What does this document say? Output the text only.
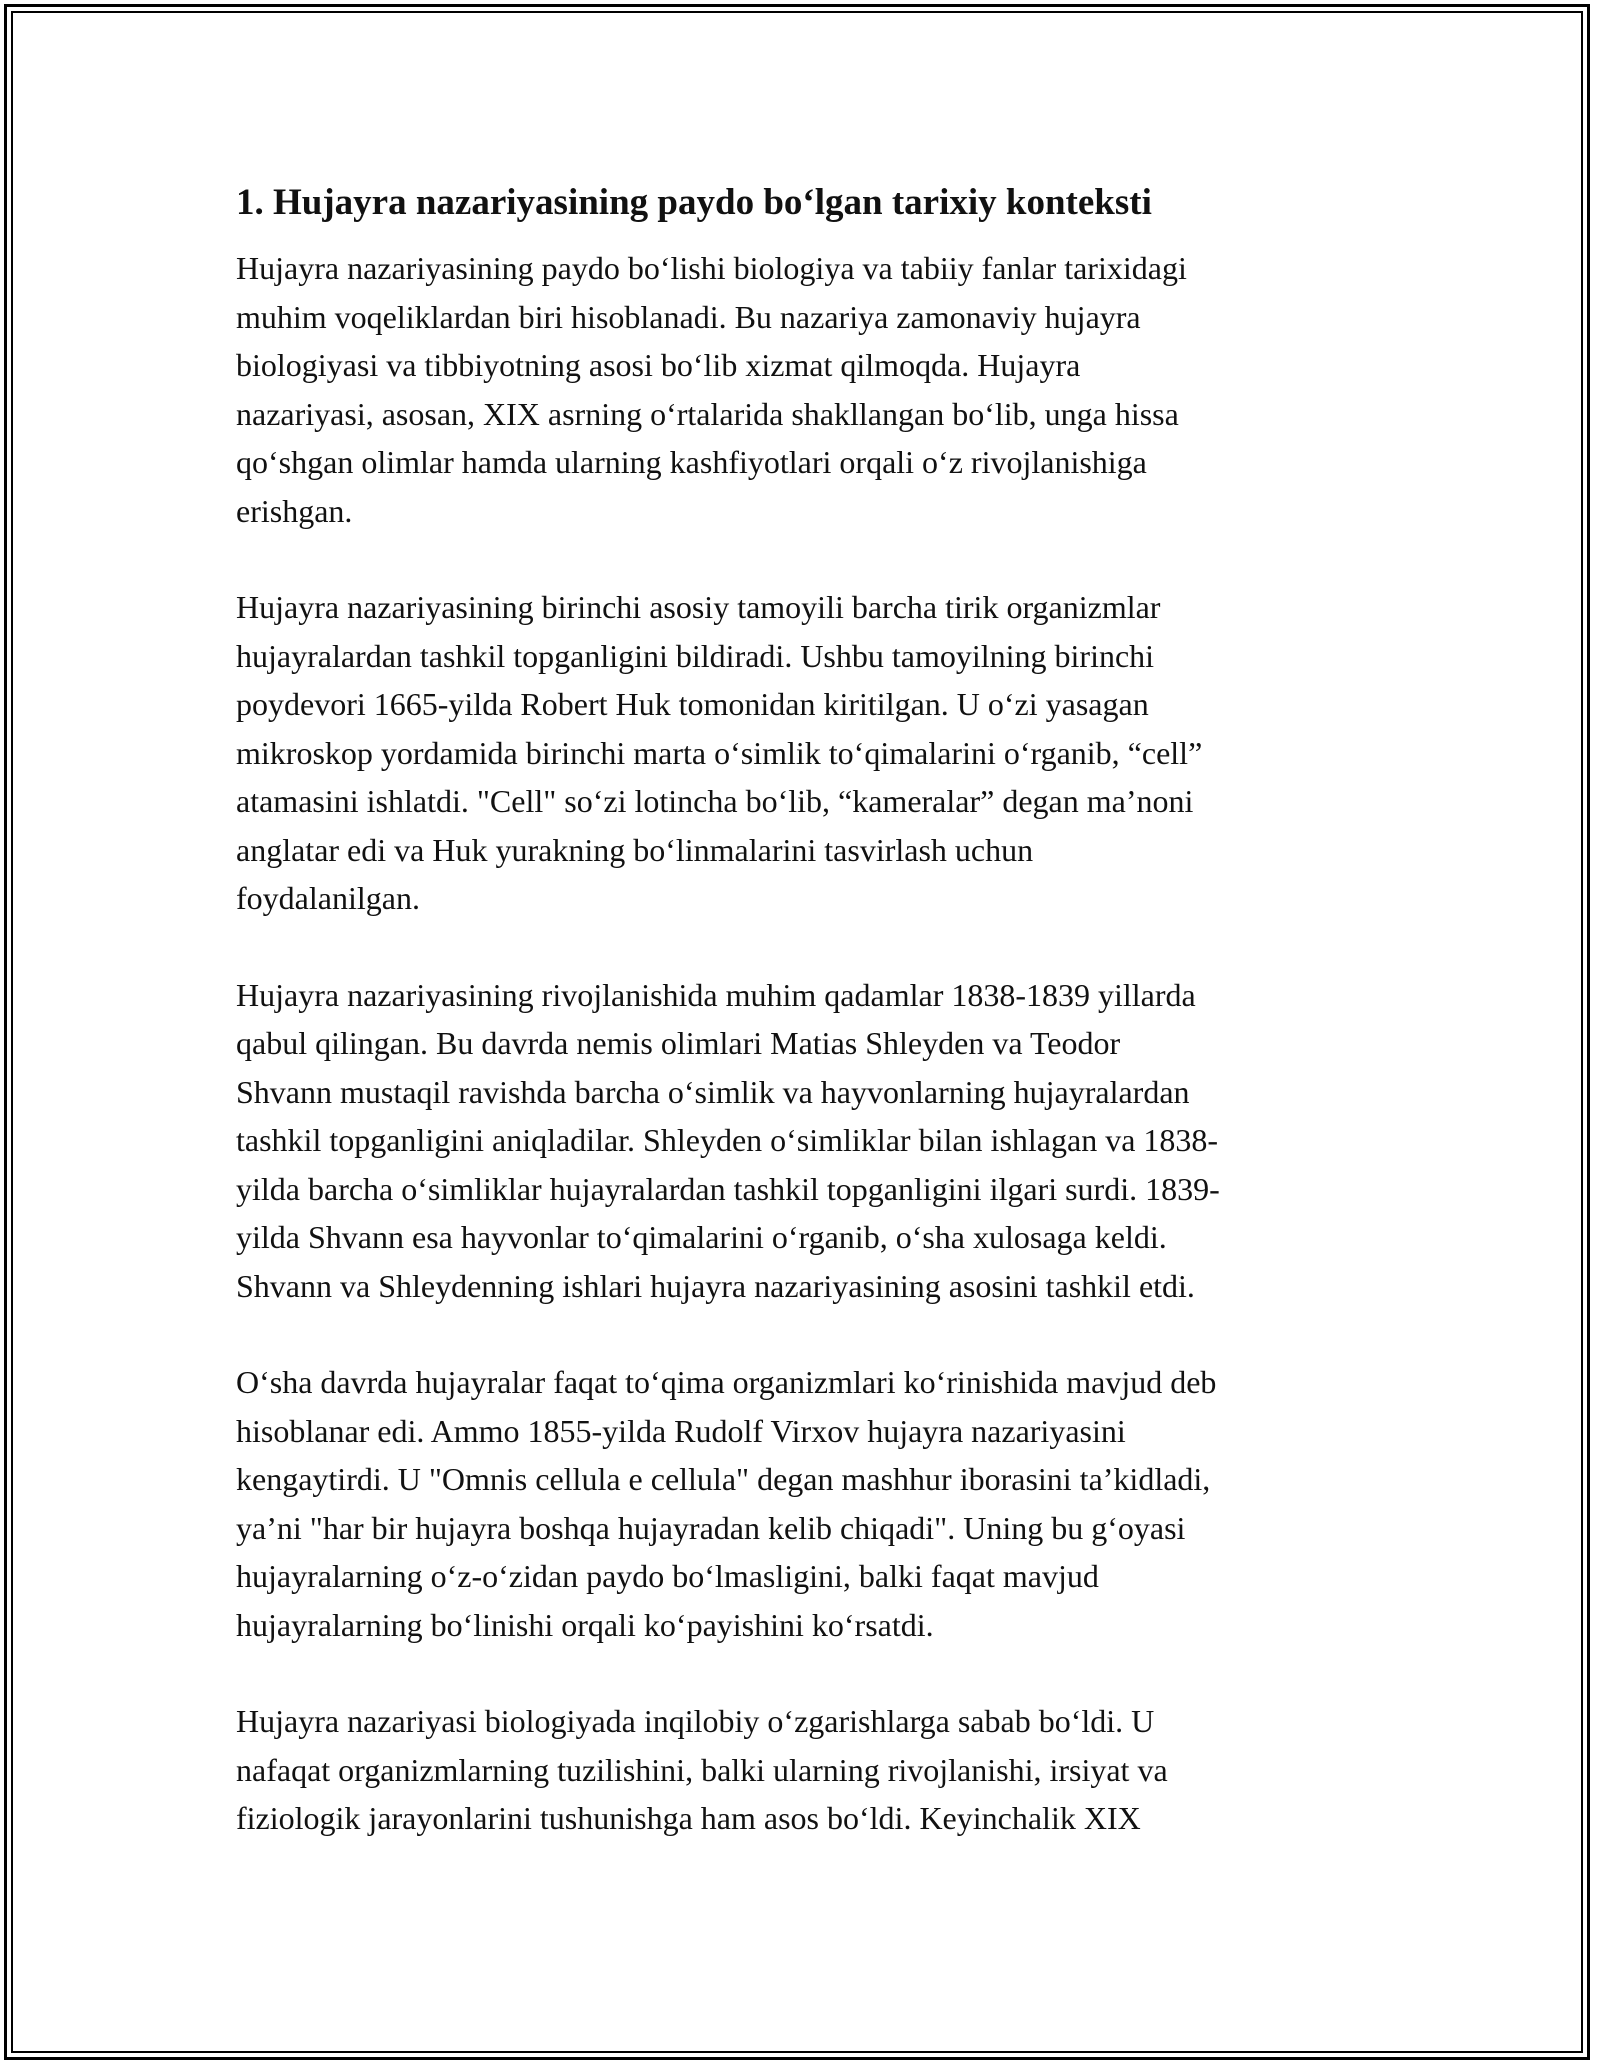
1. Hujayra nazariyasining paydo boʻlgan tarixiy konteksti

Hujayra nazariyasining paydo boʻlishi biologiya va tabiiy fanlar tarixidagi
muhim voqeliklardan biri hisoblanadi. Bu nazariya zamonaviy hujayra
biologiyasi va tibbiyotning asosi boʻlib xizmat qilmoqda. Hujayra
nazariyasi, asosan, XIX asrning oʻrtalarida shakllangan boʻlib, unga hissa
qoʻshgan olimlar hamda ularning kashfiyotlari orqali oʻz rivojlanishiga
erishgan.

Hujayra nazariyasining birinchi asosiy tamoyili barcha tirik organizmlar
hujayralardan tashkil topganligini bildiradi. Ushbu tamoyilning birinchi
poydevori 1665-yilda Robert Huk tomonidan kiritilgan. U oʻzi yasagan
mikroskop yordamida birinchi marta oʻsimlik toʻqimalarini oʻrganib, “cell”
atamasini ishlatdi. "Cell" soʻzi lotincha boʻlib, “kameralar” degan ma’noni
anglatar edi va Huk yurakning boʻlinmalarini tasvirlash uchun
foydalanilgan.

Hujayra nazariyasining rivojlanishida muhim qadamlar 1838-1839 yillarda
qabul qilingan. Bu davrda nemis olimlari Matias Shleyden va Teodor
Shvann mustaqil ravishda barcha oʻsimlik va hayvonlarning hujayralardan
tashkil topganligini aniqladilar. Shleyden oʻsimliklar bilan ishlagan va 1838-
yilda barcha oʻsimliklar hujayralardan tashkil topganligini ilgari surdi. 1839-
yilda Shvann esa hayvonlar toʻqimalarini oʻrganib, oʻsha xulosaga keldi.
Shvann va Shleydenning ishlari hujayra nazariyasining asosini tashkil etdi.

Oʻsha davrda hujayralar faqat toʻqima organizmlari koʻrinishida mavjud deb
hisoblanar edi. Ammo 1855-yilda Rudolf Virxov hujayra nazariyasini
kengaytirdi. U "Omnis cellula e cellula" degan mashhur iborasini ta’kidladi,
ya’ni "har bir hujayra boshqa hujayradan kelib chiqadi". Uning bu gʻoyasi
hujayralarning oʻz-oʻzidan paydo boʻlmasligini, balki faqat mavjud
hujayralarning boʻlinishi orqali koʻpayishini koʻrsatdi.

Hujayra nazariyasi biologiyada inqilobiy oʻzgarishlarga sabab boʻldi. U
nafaqat organizmlarning tuzilishini, balki ularning rivojlanishi, irsiyat va
fiziologik jarayonlarini tushunishga ham asos boʻldi. Keyinchalik XIX
